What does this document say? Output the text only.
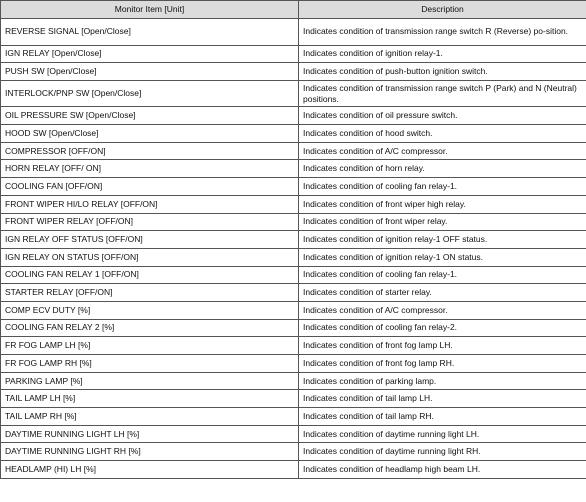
Monitor Item [Unit]	Description
REVERSE SIGNAL [Open/Close]	Indicates condition of transmission range switch R (Reverse) po-sition.
IGN RELAY [Open/Close]	Indicates condition of ignition relay-1.
PUSH SW [Open/Close]	Indicates condition of push-button ignition switch.
INTERLOCK/PNP SW [Open/Close]	Indicates condition of transmission range switch P (Park) and N (Neutral) positions.
OIL PRESSURE SW [Open/Close]	Indicates condition of oil pressure switch.
HOOD SW [Open/Close]	Indicates condition of hood switch.
COMPRESSOR [OFF/ON]	Indicates condition of A/C compressor.
HORN RELAY [OFF/ ON]	Indicates condition of horn relay.
COOLING FAN [OFF/ON]	Indicates condition of cooling fan relay-1.
FRONT WIPER HI/LO RELAY [OFF/ON]	Indicates condition of front wiper high relay.
FRONT WIPER RELAY [OFF/ON]	Indicates condition of front wiper relay.
IGN RELAY OFF STATUS [OFF/ON]	Indicates condition of ignition relay-1 OFF status.
IGN RELAY ON STATUS [OFF/ON]	Indicates condition of ignition relay-1 ON status.
COOLING FAN RELAY 1 [OFF/ON]	Indicates condition of cooling fan relay-1.
STARTER RELAY [OFF/ON]	Indicates condition of starter relay.
COMP ECV DUTY [%]	Indicates condition of A/C compressor.
COOLING FAN RELAY 2 [%]	Indicates condition of cooling fan relay-2.
FR FOG LAMP LH [%]	Indicates condition of front fog lamp LH.
FR FOG LAMP RH [%]	Indicates condition of front fog lamp RH.
PARKING LAMP [%]	Indicates condition of parking lamp.
TAIL LAMP LH [%]	Indicates condition of tail lamp LH.
TAIL LAMP RH [%]	Indicates condition of tail lamp RH.
DAYTIME RUNNING LIGHT LH [%]	Indicates condition of daytime running light LH.
DAYTIME RUNNING LIGHT RH [%]	Indicates condition of daytime running light RH.
HEADLAMP (HI) LH [%]	Indicates condition of headlamp high beam LH.
